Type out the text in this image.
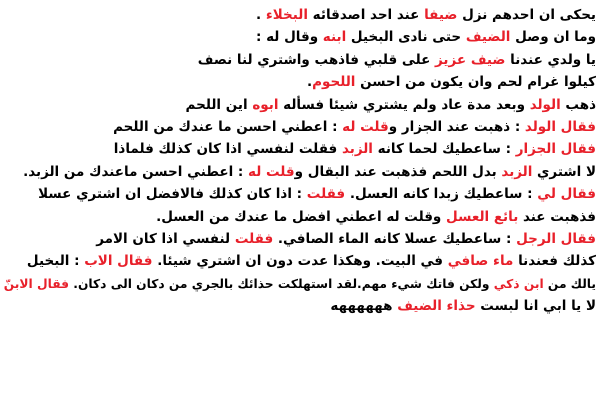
يحكى ان احدهم نزل ضيفا عند احد اصدقائه البخلاء .
وما ان وصل الضيف حتى نادى البخيل ابنه وقال له :
يا ولدي عندنا ضيف عزيز على قلبي فاذهب واشتري لنا نصف
كيلوا غرام لحم وان يكون من احسن اللحوم.
ذهب الولد وبعد مدة عاد ولم يشتري شيئا فسأله ابوه اين اللحم
فقال الولد : ذهبت عند الجزار وقلت له : اعطني احسن ما عندك من اللحم
فقال الجزار : ساعطيك لحما كانه الزبد فقلت لنفسي اذا كان كذلك فلماذا
لا اشتري الزبد بدل اللحم فذهبت عند البقال وقلت له : اعطني احسن ماعندك من الزبد.
فقال لي : ساعطيك زبدا كانه العسل. فقلت : اذا كان كذلك فالافضل ان اشتري عسلا
فذهبت عند بائع العسل وقلت له اعطني افضل ما عندك من العسل.
فقال الرجل : ساعطيك عسلا كانه الماء الصافي. فقلت لنفسي اذا كان الامر
كذلك فعندنا ماء صافي في البيت. وهكذا عدت دون ان اشتري شيئا. فقال الاب : البخيل
يالك من ابن ذكي ولكن فاتك شيء مهم.لقد استهلكت حذائك بالجري من دكان الى دكان. فقال الابنّ
لا يا ابي انا لبست حذاء الضيف ههههههه
